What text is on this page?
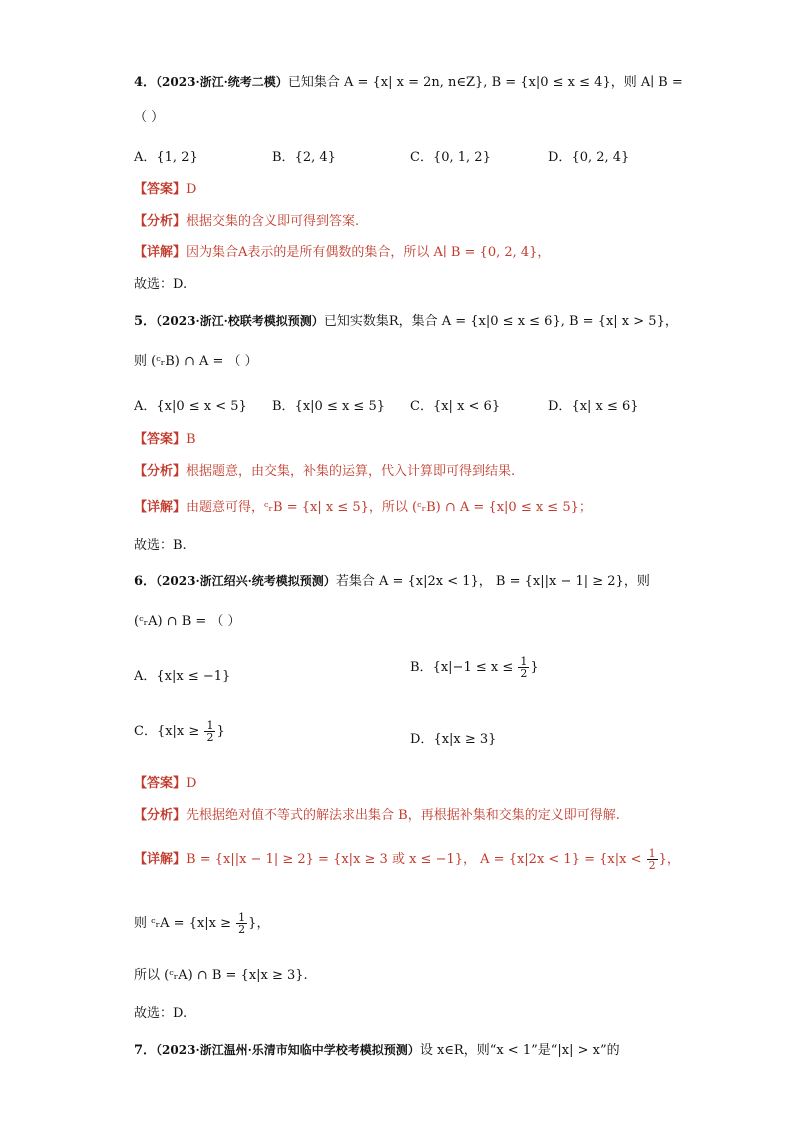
4．（2023·浙江·统考二模）已知集合 A = {x| x = 2n, n∈Z}, B = {x|0 ≤ x ≤ 4}，则 A∣ B =
（ ）
A．{1, 2}	B．{2, 4}	C．{0, 1, 2}	D．{0, 2, 4}
【答案】D
【分析】根据交集的含义即可得到答案.
【详解】因为集合A表示的是所有偶数的集合，所以 A∣ B = {0, 2, 4}，
故选：D.
5．（2023·浙江·校联考模拟预测）已知实数集R，集合 A = {x|0 ≤ x ≤ 6}, B = {x| x > 5}，
则 (ᶜᵣB) ∩ A = （ ）
A．{x|0 ≤ x < 5} B．{x|0 ≤ x ≤ 5} C．{x| x < 6}	D．{x| x ≤ 6}
【答案】B
【分析】根据题意，由交集，补集的运算，代入计算即可得到结果.
【详解】由题意可得，ᶜᵣB = {x| x ≤ 5}，所以 (ᶜᵣB) ∩ A = {x|0 ≤ x ≤ 5}；
故选：B.
6．（2023·浙江绍兴·统考模拟预测）若集合 A = {x|2x < 1}， B = {x||x − 1| ≥ 2}，则
(ᶜᵣA) ∩ B = （ ）
A．{x|x ≤ −1}
B．{$x|-1 \le x \le \frac{1}{2}$ }
C．{$x|x \ge \frac{1}{2}$ }
D．{x|x ≥ 3}
【答案】D
【分析】先根据绝对值不等式的解法求出集合 B，再根据补集和交集的定义即可得解.
【详解】B = {x||x − 1| ≥ 2} = {x|x ≥ 3 或 x ≤ −1}， $A = \{x|2x < 1\} = \{x|x < \frac{1}{2}$ }，
则 ᶜᵣA = {$x|x \ge \frac{1}{2}$ }，
所以 (ᶜᵣA) ∩ B = {x|x ≥ 3}.
故选：D.
7．（2023·浙江温州·乐清市知临中学校考模拟预测）设 x∈R，则“x < 1”是“|x| > x”的
